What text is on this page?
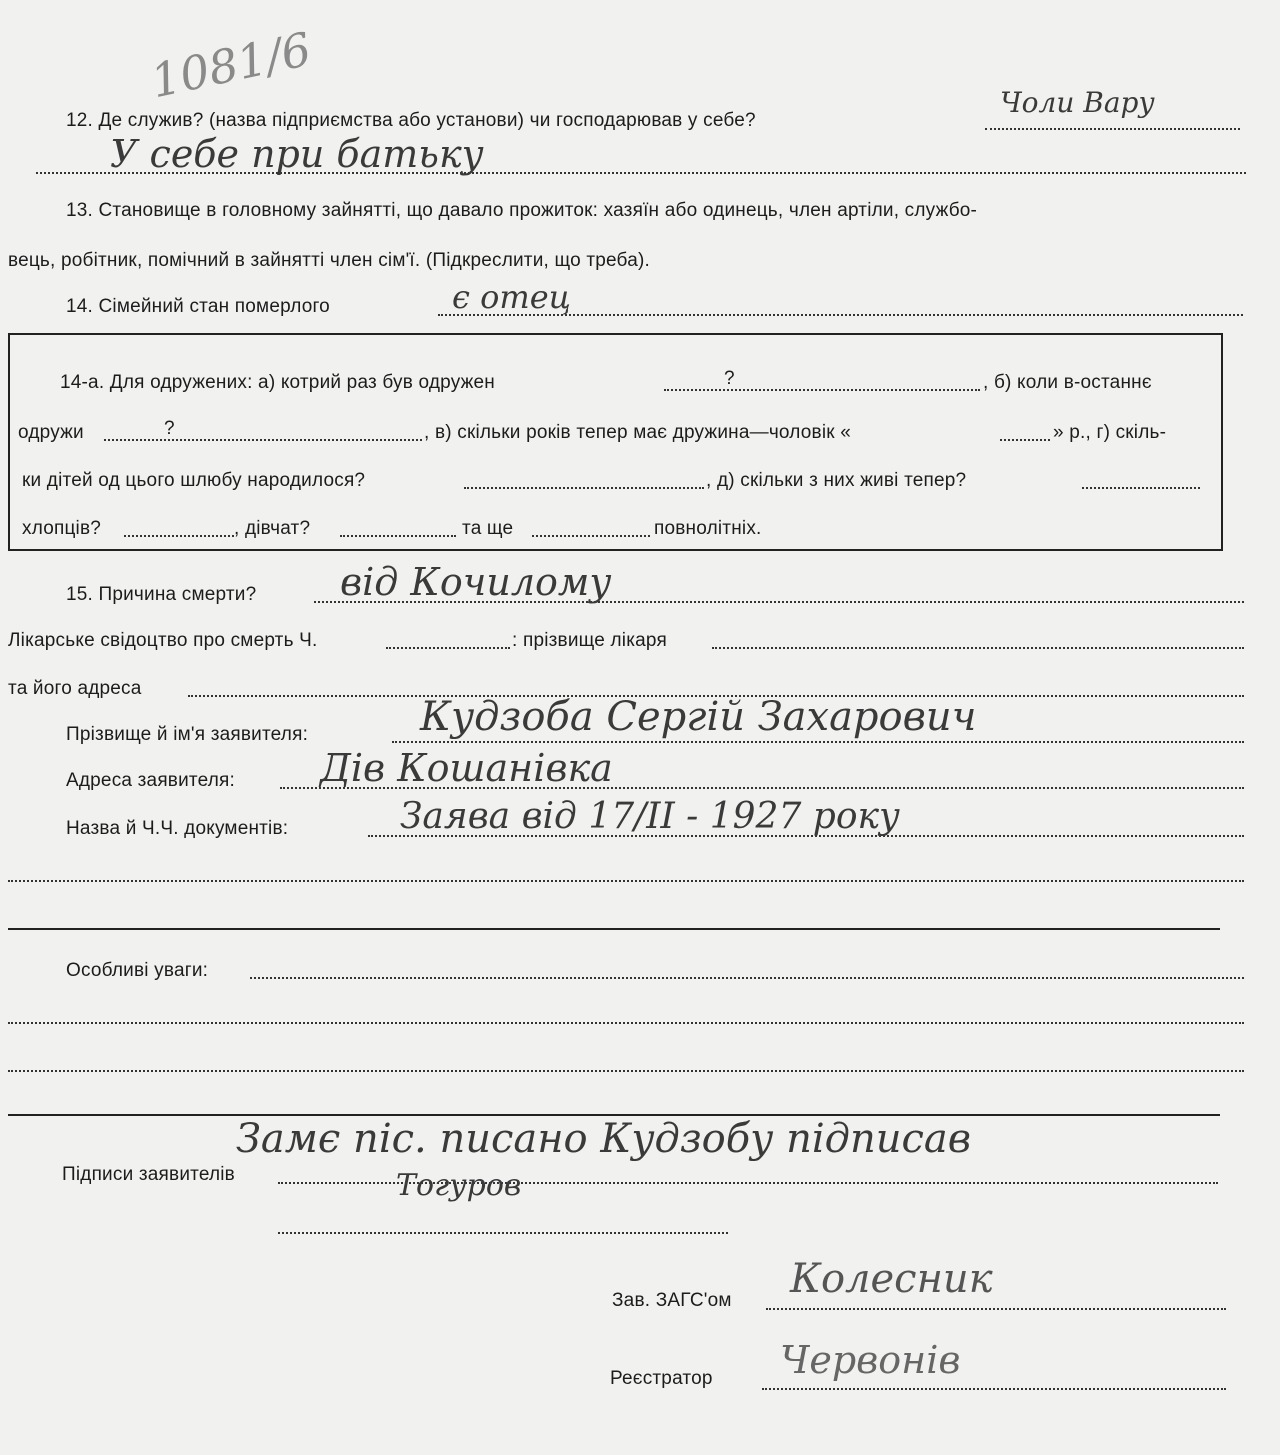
1081/6
12. Де служив? (назва підприємства або установи) чи господарював у себе?
Чоли Вару
У себе при батьку
13. Становище в головному зайнятті, що давало прожиток: хазяїн або одинець, член артіли, службо-
вець, робітник, помічний в зайнятті член сім'ї. (Підкреслити, що треба).
14. Сімейний стан померлого	є отец
14-а. Для одружених: а) котрий раз був одружен	?	, б) коли в-останнє
одружи	?	, в) скільки років тепер має дружина—чоловік «	» р., г) скіль-
ки дітей од цього шлюбу народилося?	, д) скільки з них живі тепер?
хлопців?	, дівчат?	та ще	повнолітніх.
15. Причина смерти? від Кочилому
Лікарське свідоцтво про смерть Ч.	: прізвище лікаря
та його адреса
Прізвище й ім'я заявителя:	Кудзоба Сергій Захарович
Адреса заявителя: Дів Кошанівка
Назва й Ч.Ч. документів:	Заява від 17/II - 1927 року
Особливі уваги:
Підписи заявителів
Замє піс. писано Кудзобу підписав
Тогуров
Зав. ЗАГС'ом Колесник
Реєстратор Червонів
